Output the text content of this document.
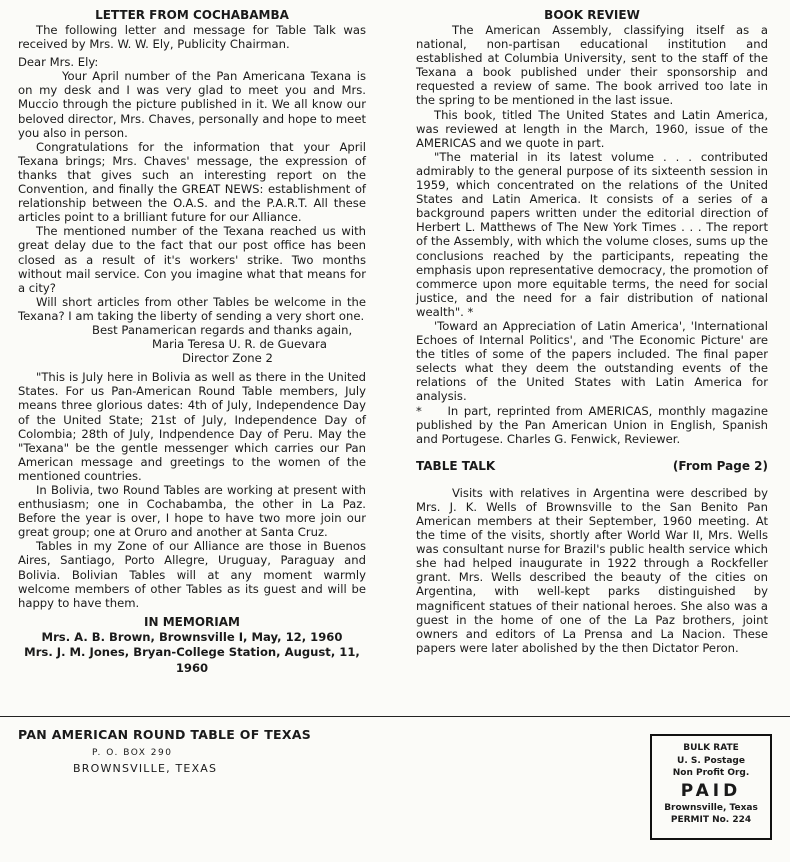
LETTER FROM COCHABAMBA

The following letter and message for Table Talk was received by Mrs. W. W. Ely, Publicity Chairman.

Dear Mrs. Ely:

Your April number of the Pan Americana Texana is on my desk and I was very glad to meet you and Mrs. Muccio through the picture published in it. We all know our beloved director, Mrs. Chaves, personally and hope to meet you also in person.

Congratulations for the information that your April Texana brings; Mrs. Chaves' message, the expression of thanks that gives such an interesting report on the Convention, and finally the GREAT NEWS: establishment of relationship between the O.A.S. and the P.A.R.T. All these articles point to a brilliant future for our Alliance.

The mentioned number of the Texana reached us with great delay due to the fact that our post office has been closed as a result of it's workers' strike. Two months without mail service. Con you imagine what that means for a city?

Will short articles from other Tables be welcome in the Texana? I am taking the liberty of sending a very short one.

Best Panamerican regards and thanks again,
Maria Teresa U. R. de Guevara
Director Zone 2

"This is July here in Bolivia as well as there in the United States. For us Pan-American Round Table members, July means three glorious dates: 4th of July, Independence Day of the United State; 21st of July, Independence Day of Colombia; 28th of July, Indpendence Day of Peru. May the "Texana" be the gentle messenger which carries our Pan American message and greetings to the women of the mentioned countries.

In Bolivia, two Round Tables are working at present with enthusiasm; one in Cochabamba, the other in La Paz. Before the year is over, I hope to have two more join our great group; one at Oruro and another at Santa Cruz.

Tables in my Zone of our Alliance are those in Buenos Aires, Santiago, Porto Allegre, Uruguay, Paraguay and Bolivia. Bolivian Tables will at any moment warmly welcome members of other Tables as its guest and will be happy to have them.

IN MEMORIAM
Mrs. A. B. Brown, Brownsville I, May, 12, 1960
Mrs. J. M. Jones, Bryan-College Station, August, 11, 1960
BOOK REVIEW

The American Assembly, classifying itself as a national, non-partisan educational institution and established at Columbia University, sent to the staff of the Texana a book published under their sponsorship and requested a review of same. The book arrived too late in the spring to be mentioned in the last issue.

This book, titled The United States and Latin America, was reviewed at length in the March, 1960, issue of the AMERICAS and we quote in part.

"The material in its latest volume . . . contributed admirably to the general purpose of its sixteenth session in 1959, which concentrated on the relations of the United States and Latin America. It consists of a series of a background papers written under the editorial direction of Herbert L. Matthews of The New York Times . . . The report of the Assembly, with which the volume closes, sums up the conclusions reached by the participants, repeating the emphasis upon representative democracy, the promotion of commerce upon more equitable terms, the need for social justice, and the need for a fair distribution of national wealth". *

'Toward an Appreciation of Latin America', 'International Echoes of Internal Politics', and 'The Economic Picture' are the titles of some of the papers included. The final paper selects what they deem the outstanding events of the relations of the United States with Latin America for analysis.

* In part, reprinted from AMERICAS, monthly magazine published by the Pan American Union in English, Spanish and Portugese. Charles G. Fenwick, Reviewer.

TABLE TALK	(From Page 2)

Visits with relatives in Argentina were described by Mrs. J. K. Wells of Brownsville to the San Benito Pan American members at their September, 1960 meeting. At the time of the visits, shortly after World War II, Mrs. Wells was consultant nurse for Brazil's public health service which she had helped inaugurate in 1922 through a Rockfeller grant. Mrs. Wells described the beauty of the cities on Argentina, with well-kept parks distinguished by magnificent statues of their national heroes. She also was a guest in the home of one of the La Paz brothers, joint owners and editors of La Prensa and La Nacion. These papers were later abolished by the then Dictator Peron.

PAN AMERICAN ROUND TABLE OF TEXAS
P. O. BOX 290
BROWNSVILLE, TEXAS
BULK RATE
U. S. Postage
Non Profit Org.
PAID
Brownsville, Texas
PERMIT No. 224
